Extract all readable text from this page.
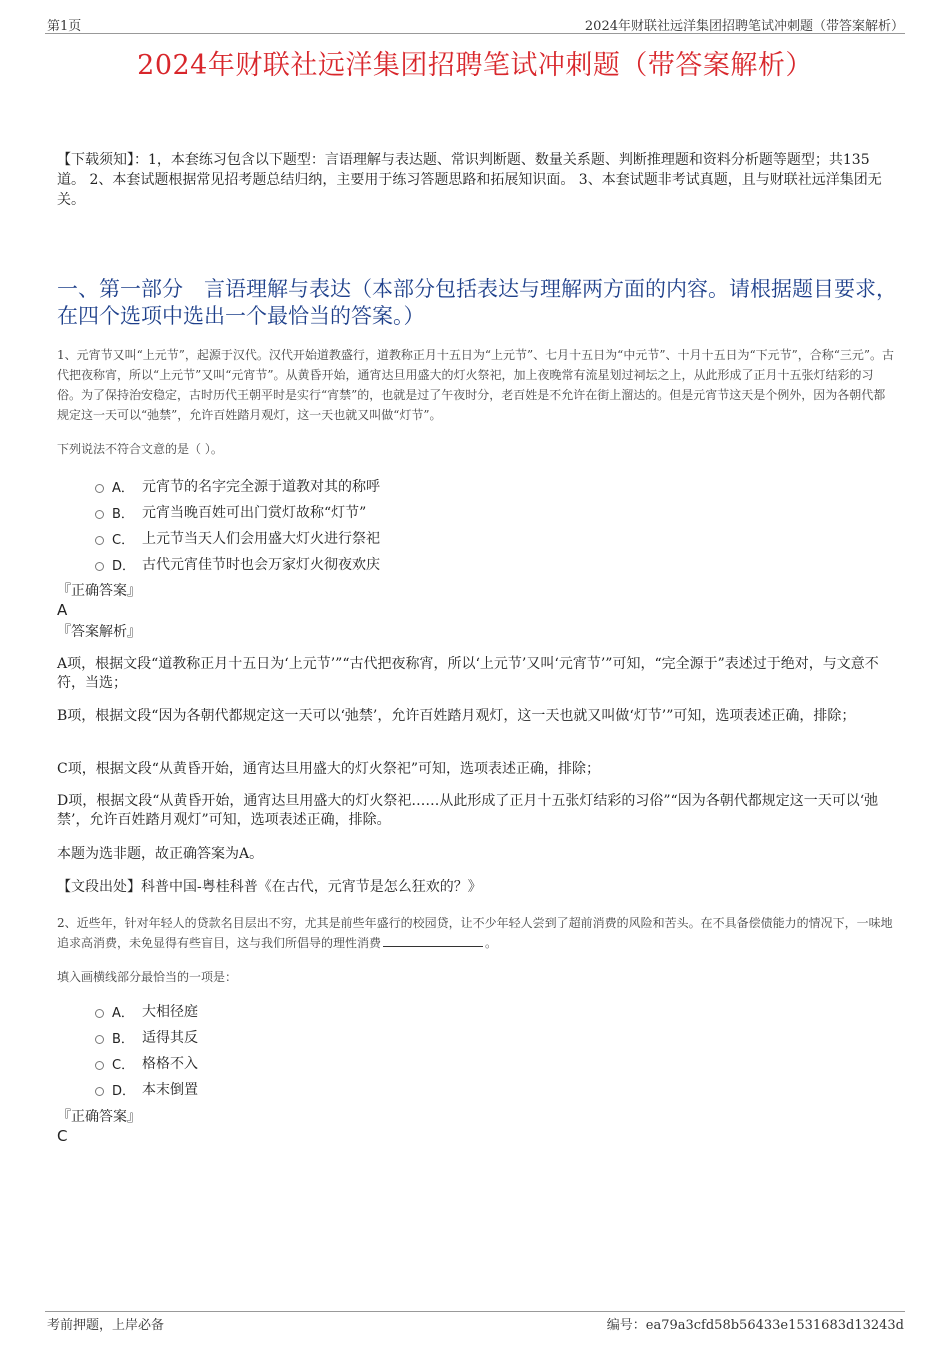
第1页	2024年财联社远洋集团招聘笔试冲刺题（带答案解析）
2024年财联社远洋集团招聘笔试冲刺题（带答案解析）
【下载须知】：1，本套练习包含以下题型：言语理解与表达题、常识判断题、数量关系题、判断推理题和资料分析题等题型；共135道。 2、本套试题根据常见招考题总结归纳，主要用于练习答题思路和拓展知识面。 3、本套试题非考试真题，且与财联社远洋集团无关。
一、第一部分　言语理解与表达（本部分包括表达与理解两方面的内容。请根据题目要求，在四个选项中选出一个最恰当的答案。）
1、元宵节又叫“上元节”，起源于汉代。汉代开始道教盛行，道教称正月十五日为“上元节”、七月十五日为“中元节”、十月十五日为“下元节”，合称“三元”。古代把夜称宵，所以“上元节”又叫“元宵节”。从黄昏开始，通宵达旦用盛大的灯火祭祀，加上夜晚常有流星划过祠坛之上，从此形成了正月十五张灯结彩的习俗。为了保持治安稳定，古时历代王朝平时是实行“宵禁”的，也就是过了午夜时分，老百姓是不允许在街上溜达的。但是元宵节这天是个例外，因为各朝代都规定这一天可以“弛禁”，允许百姓踏月观灯，这一天也就又叫做“灯节”。
下列说法不符合文意的是（ ）。
A． 元宵节的名字完全源于道教对其的称呼
B． 元宵当晚百姓可出门赏灯故称“灯节”
C． 上元节当天人们会用盛大灯火进行祭祀
D． 古代元宵佳节时也会万家灯火彻夜欢庆
『正确答案』
A
『答案解析』
A项，根据文段“道教称正月十五日为‘上元节’”“古代把夜称宵，所以‘上元节’又叫‘元宵节’”可知，“完全源于”表述过于绝对，与文意不符，当选；
B项，根据文段“因为各朝代都规定这一天可以‘弛禁’，允许百姓踏月观灯，这一天也就又叫做‘灯节’”可知，选项表述正确，排除；
C项，根据文段“从黄昏开始，通宵达旦用盛大的灯火祭祀”可知，选项表述正确，排除；
D项，根据文段“从黄昏开始，通宵达旦用盛大的灯火祭祀……从此形成了正月十五张灯结彩的习俗”“因为各朝代都规定这一天可以‘弛禁’，允许百姓踏月观灯”可知，选项表述正确，排除。
本题为选非题，故正确答案为A。
【文段出处】科普中国-粤桂科普《在古代，元宵节是怎么狂欢的？》
2、近些年，针对年轻人的贷款名目层出不穷，尤其是前些年盛行的校园贷，让不少年轻人尝到了超前消费的风险和苦头。在不具备偿债能力的情况下，一味地追求高消费，未免显得有些盲目，这与我们所倡导的理性消费	。
填入画横线部分最恰当的一项是：
A． 大相径庭
B． 适得其反
C． 格格不入
D． 本末倒置
『正确答案』
C
考前押题，上岸必备	编号：ea79a3cfd58b56433e1531683d13243d
